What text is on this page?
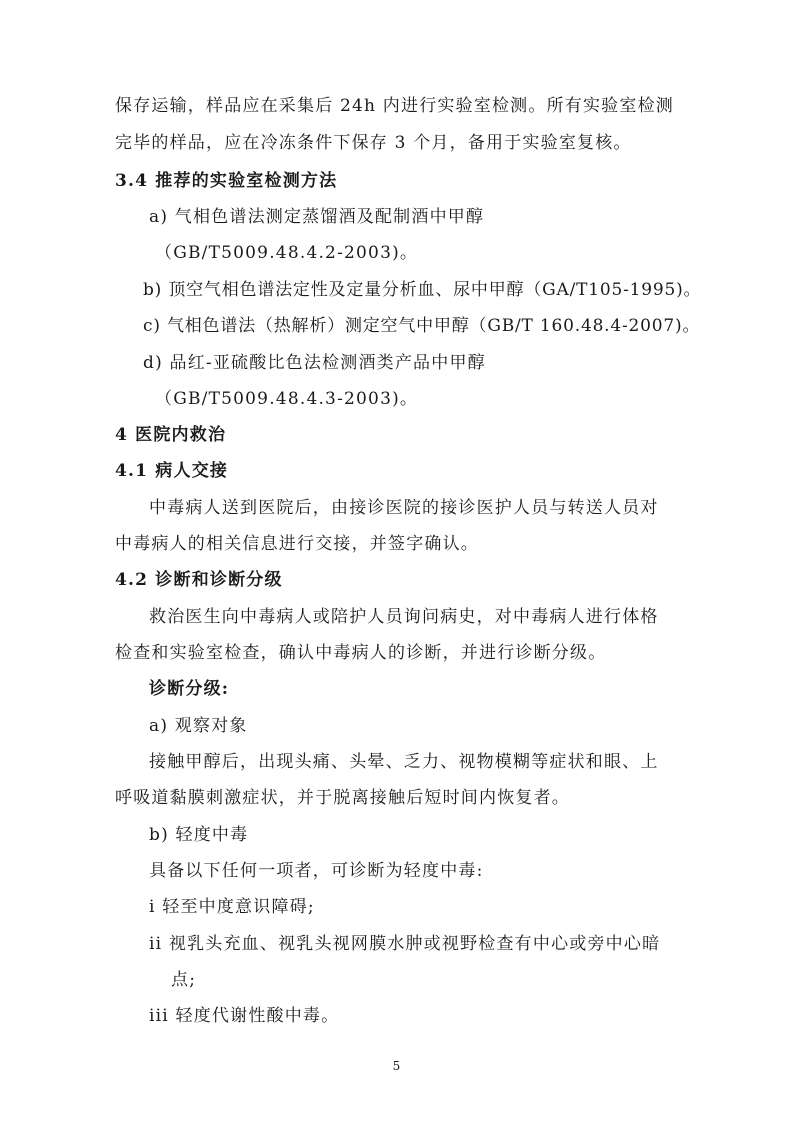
保存运输，样品应在采集后 24h 内进行实验室检测。所有实验室检测
完毕的样品，应在冷冻条件下保存 3 个月，备用于实验室复核。
3.4 推荐的实验室检测方法
a) 气相色谱法测定蒸馏酒及配制酒中甲醇
（GB/T5009.48.4.2-2003)。
b) 顶空气相色谱法定性及定量分析血、尿中甲醇（GA/T105-1995)。
c) 气相色谱法（热解析）测定空气中甲醇（GB/T 160.48.4-2007)。
d) 品红-亚硫酸比色法检测酒类产品中甲醇
（GB/T5009.48.4.3-2003)。
4 医院内救治
4.1 病人交接
中毒病人送到医院后，由接诊医院的接诊医护人员与转送人员对
中毒病人的相关信息进行交接，并签字确认。
4.2 诊断和诊断分级
救治医生向中毒病人或陪护人员询问病史，对中毒病人进行体格
检查和实验室检查，确认中毒病人的诊断，并进行诊断分级。
诊断分级:
a) 观察对象
接触甲醇后，出现头痛、头晕、乏力、视物模糊等症状和眼、上
呼吸道黏膜刺激症状，并于脱离接触后短时间内恢复者。
b) 轻度中毒
具备以下任何一项者，可诊断为轻度中毒:
i 轻至中度意识障碍;
ii 视乳头充血、视乳头视网膜水肿或视野检查有中心或旁中心暗
点;
iii 轻度代谢性酸中毒。
5
